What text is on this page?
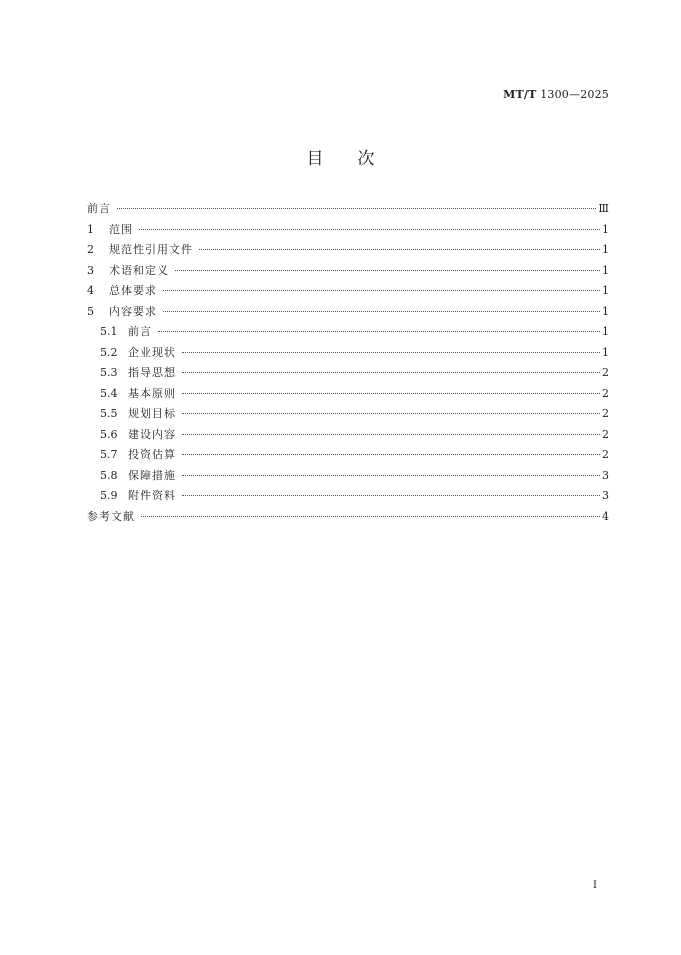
MT/T 1300—2025
目次
前言	Ⅲ
1	范围	1
2	规范性引用文件	1
3	术语和定义	1
4	总体要求	1
5	内容要求	1
5.1 前言	1
5.2 企业现状	1
5.3 指导思想	2
5.4 基本原则	2
5.5 规划目标	2
5.6 建设内容	2
5.7 投资估算	2
5.8 保障措施	3
5.9 附件资料	3
参考文献	4
I
